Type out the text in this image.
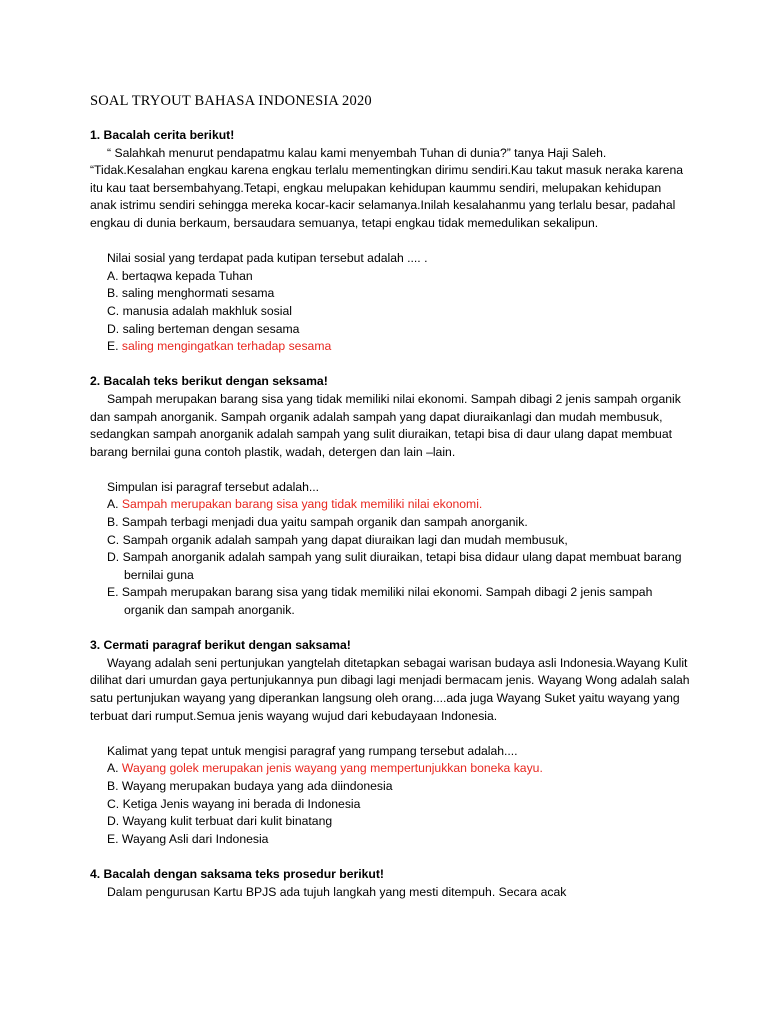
SOAL TRYOUT BAHASA INDONESIA 2020
1. Bacalah cerita berikut!

“ Salahkah menurut pendapatmu kalau kami menyembah Tuhan di dunia?” tanya Haji Saleh. “Tidak.Kesalahan engkau karena engkau terlalu mementingkan dirimu sendiri.Kau takut masuk neraka karena itu kau taat bersembahyang.Tetapi, engkau melupakan kehidupan kaummu sendiri, melupakan kehidupan anak istrimu sendiri sehingga mereka kocar-kacir selamanya.Inilah kesalahanmu yang terlalu besar, padahal engkau di dunia berkaum, bersaudara semuanya, tetapi engkau tidak memedulikan sekalipun.

Nilai sosial yang terdapat pada kutipan tersebut adalah .... .
A. bertaqwa kepada Tuhan
B. saling menghormati sesama
C. manusia adalah makhluk sosial
D. saling berteman dengan sesama
E. saling mengingatkan terhadap sesama
2. Bacalah teks berikut dengan seksama!

Sampah merupakan barang sisa yang tidak memiliki nilai ekonomi. Sampah dibagi 2 jenis sampah organik dan sampah anorganik. Sampah organik adalah sampah yang dapat diuraikanlagi dan mudah membusuk, sedangkan sampah anorganik adalah sampah yang sulit diuraikan, tetapi bisa di daur ulang dapat membuat barang bernilai guna contoh plastik, wadah, detergen dan lain –lain.

Simpulan isi paragraf tersebut adalah...
A. Sampah merupakan barang sisa yang tidak memiliki nilai ekonomi.
B. Sampah terbagi menjadi dua yaitu sampah organik dan sampah anorganik.
C. Sampah organik adalah sampah yang dapat diuraikan lagi dan mudah membusuk,
D. Sampah anorganik adalah sampah yang sulit diuraikan, tetapi bisa didaur ulang dapat membuat barang bernilai guna
E. Sampah merupakan barang sisa yang tidak memiliki nilai ekonomi. Sampah dibagi 2 jenis sampah organik dan sampah anorganik.
3. Cermati paragraf berikut dengan saksama!

Wayang adalah seni pertunjukan yangtelah ditetapkan sebagai warisan budaya asli Indonesia.Wayang Kulit dilihat dari umurdan gaya pertunjukannya pun dibagi lagi menjadi bermacam jenis. Wayang Wong adalah salah satu pertunjukan wayang yang diperankan langsung oleh orang....ada juga Wayang Suket yaitu wayang yang terbuat dari rumput.Semua jenis wayang wujud dari kebudayaan Indonesia.

Kalimat yang tepat untuk mengisi paragraf yang rumpang tersebut adalah....
A. Wayang golek merupakan jenis wayang yang mempertunjukkan boneka kayu.
B. Wayang merupakan budaya yang ada diindonesia
C. Ketiga Jenis wayang ini berada di Indonesia
D. Wayang kulit terbuat dari kulit binatang
E. Wayang Asli dari Indonesia
4. Bacalah dengan saksama teks prosedur berikut!

Dalam pengurusan Kartu BPJS ada tujuh langkah yang mesti ditempuh. Secara acak
